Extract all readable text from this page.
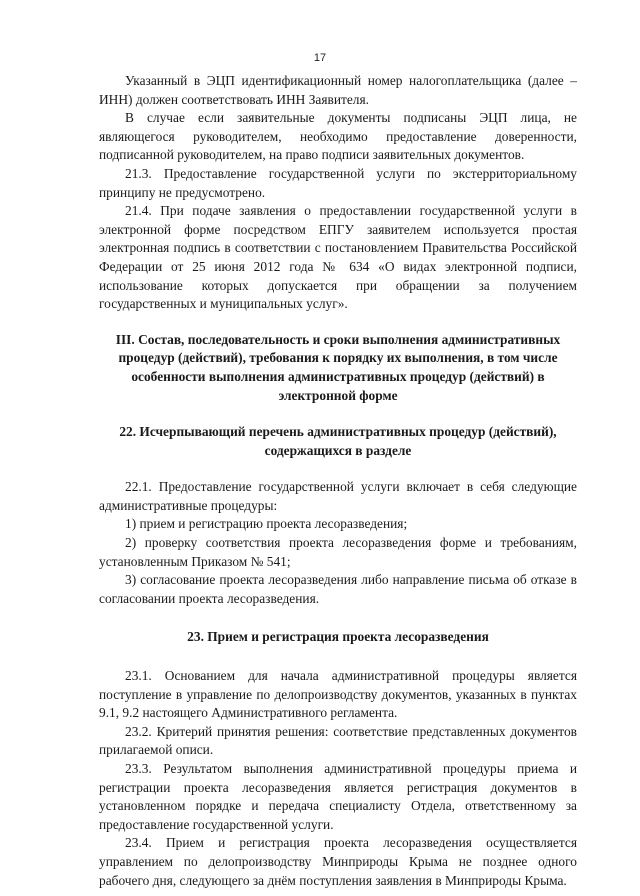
17

Указанный в ЭЦП идентификационный номер налогоплательщика (далее – ИНН) должен соответствовать ИНН Заявителя.

В случае если заявительные документы подписаны ЭЦП лица, не являющегося руководителем, необходимо предоставление доверенности, подписанной руководителем, на право подписи заявительных документов.

21.3. Предоставление государственной услуги по экстерриториальному принципу не предусмотрено.

21.4. При подаче заявления о предоставлении государственной услуги в электронной форме посредством ЕПГУ заявителем используется простая электронная подпись в соответствии с постановлением Правительства Российской Федерации от 25 июня 2012 года № 634 «О видах электронной подписи, использование которых допускается при обращении за получением государственных и муниципальных услуг».

III. Состав, последовательность и сроки выполнения административных процедур (действий), требования к порядку их выполнения, в том числе особенности выполнения административных процедур (действий) в электронной форме

22. Исчерпывающий перечень административных процедур (действий), содержащихся в разделе

22.1. Предоставление государственной услуги включает в себя следующие административные процедуры:

1) прием и регистрацию проекта лесоразведения;

2) проверку соответствия проекта лесоразведения форме и требованиям, установленным Приказом № 541;

3) согласование проекта лесоразведения либо направление письма об отказе в согласовании проекта лесоразведения.

23. Прием и регистрация проекта лесоразведения

23.1. Основанием для начала административной процедуры является поступление в управление по делопроизводству документов, указанных в пунктах 9.1, 9.2 настоящего Административного регламента.

23.2. Критерий принятия решения: соответствие представленных документов прилагаемой описи.

23.3. Результатом выполнения административной процедуры приема и регистрации проекта лесоразведения является регистрация документов в установленном порядке и передача специалисту Отдела, ответственному за предоставление государственной услуги.

23.4. Прием и регистрация проекта лесоразведения осуществляется управлением по делопроизводству Минприроды Крыма не позднее одного рабочего дня, следующего за днём поступления заявления в Минприроды Крыма.
